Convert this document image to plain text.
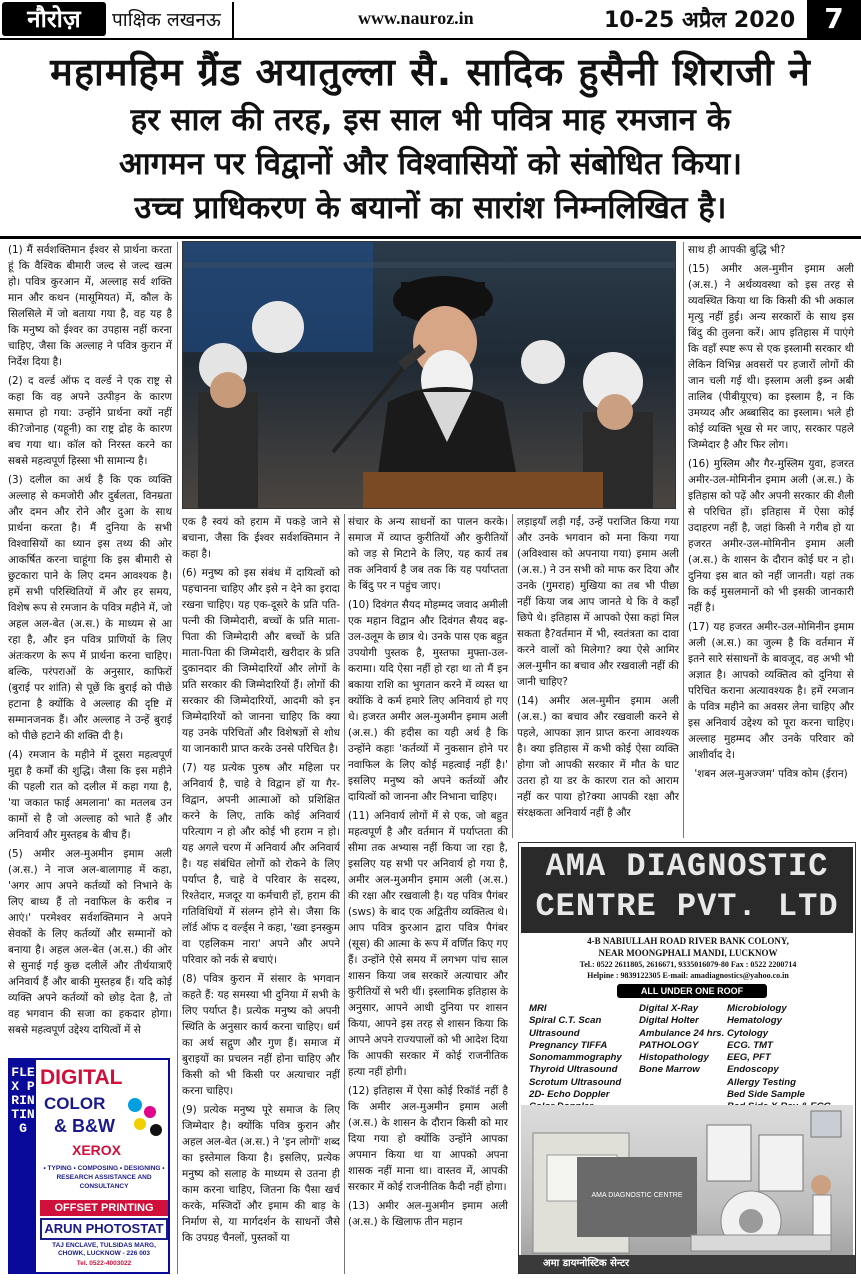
नौरोज़	पाक्षिक लखनऊ	www.nauroz.in	10-25 अप्रैल 2020	7
महामहिम ग्रैंड अयातुल्ला सै. सादिक हुसैनी शिराजी ने
हर साल की तरह, इस साल भी पवित्र माह रमजान के
आगमन पर विद्वानों और विश्वासियों को संबोधित किया।
उच्च प्राधिकरण के बयानों का सारांश निम्नलिखित है।

(1) मैं सर्वशक्तिमान ईश्वर से प्रार्थना करता हूं कि वैश्विक बीमारी जल्द से जल्द खत्म हो। पवित्र कुरआन में, अल्लाह सर्व शक्ति मान और कथन (मासूमियत) में, कौल के सिलसिले में जो बताया गया है, वह यह है कि मनुष्य को ईश्वर का उपहास नहीं करना चाहिए, जैसा कि अल्लाह ने पवित्र कुरान में निर्देश दिया है।

(2) द वर्ल्ड ऑफ द वर्ल्ड ने एक राष्ट्र से कहा कि वह अपने उत्पीड़न के कारण समाप्त हो गया: उन्होंने प्रार्थना क्यों नहीं की?जोनाह (यहूनी) का राष्ट्र द्रोह के कारण बच गया था। कॉल को निरस्त करने का सबसे महत्वपूर्ण हिस्सा भी सामान्य है।

(3) दलील का अर्थ है कि एक व्यक्ति अल्लाह से कमजोरी और दुर्बलता, विनम्रता और दमन और रोने और दुआ के साथ प्रार्थना करता है। मैं दुनिया के सभी विश्वासियों का ध्यान इस तथ्य की ओर आकर्षित करना चाहूंगा कि इस बीमारी से छुटकारा पाने के लिए दमन आवश्यक है। हमें सभी परिस्थितियों में और हर समय, विशेष रूप से रमजान के पवित्र महीने में, जो अहल अल-बेत (अ.स.) के माध्यम से आ रहा है, और इन पवित्र प्राणियों के लिए अंतःकरण के रूप में प्रार्थना करना चाहिए। बल्कि, परंपराओं के अनुसार, काफिरों (बुराई पर शांति) से पूछें कि बुराई को पीछे हटाना है क्योंकि वे अल्लाह की दृष्टि में सम्मानजनक हैं। और अल्लाह ने उन्हें बुराई को पीछे हटाने की शक्ति दी है।

(4) रमजान के महीने में दूसरा महत्वपूर्ण मुद्दा है कर्मों की शुद्धि। जैसा कि इस महीने की पहली रात को दलील में कहा गया है, 'या जकात फाई अमलाना' का मतलब उन कामों से है जो अल्लाह को भाते हैं और अनिवार्य और मुस्तहब के बीच हैं।

(5) अमीर अल-मुअमीन इमाम अली (अ.स.) ने नाज अल-बालागाह में कहा, 'अगर आप अपने कर्तव्यों को निभाने के लिए बाध्य हैं तो नवाफिल के करीब न आएं।' परमेश्वर सर्वशक्तिमान ने अपने सेवकों के लिए कर्तव्यों और सम्मानों को बनाया है। अहल अल-बेत (अ.स.) की ओर से सुनाई गई कुछ दलीलें और तीर्थयात्राएँ अनिवार्य हैं और बाकी मुस्तहब हैं। यदि कोई व्यक्ति अपने कर्तव्यों को छोड़ देता है, तो वह भगवान की सजा का हकदार होगा। सबसे महत्वपूर्ण उद्देश्य दायित्वों में से

एक है स्वयं को हराम में पकड़े जाने से बचाना, जैसा कि ईश्वर सर्वशक्तिमान ने कहा है।

(6) मनुष्य को इस संबंध में दायित्वों को पहचानना चाहिए और इसे न देने का इरादा रखना चाहिए। यह एक-दूसरे के प्रति पति-पत्नी की जिम्मेदारी, बच्चों के प्रति माता-पिता की जिम्मेदारी और बच्चों के प्रति माता-पिता की जिम्मेदारी, खरीदार के प्रति दुकानदार की जिम्मेदारियों और लोगों के प्रति सरकार की जिम्मेदारियों हैं। लोगों की सरकार की जिम्मेदारियों, आदमी को इन जिम्मेदारियों को जानना चाहिए कि क्या यह उनके परिचितों और विशेषज्ञों से शोध या जानकारी प्राप्त करके उनसे परिचित है।

(7) यह प्रत्येक पुरुष और महिला पर अनिवार्य है, चाहे वे विद्वान हों या गैर-विद्वान, अपनी आत्माओं को प्रशिक्षित करने के लिए, ताकि कोई अनिवार्य परित्याग न हो और कोई भी हराम न हो। यह अगले चरण में अनिवार्य और अनिवार्य है। यह संबंधित लोगों को रोकने के लिए पर्याप्त है, चाहे वे परिवार के सदस्य, रिश्तेदार, मजदूर या कर्मचारी हों, हराम की गतिविधियों में संलग्न होने से। जैसा कि लॉर्ड ऑफ द वर्ल्ड्स ने कहा, 'ख्वा इनस्कुम वा एहलिकम नारा' अपने और अपने परिवार को नर्क से बचाएं।

(8) पवित्र कुरान में संसार के भगवान कहते हैं: यह समस्या भी दुनिया में सभी के लिए पर्याप्त है। प्रत्येक मनुष्य को अपनी स्थिति के अनुसार कार्य करना चाहिए। धर्म का अर्थ सद्गुण और गुण हैं। समाज में बुराइयों का प्रचलन नहीं होना चाहिए और किसी को भी किसी पर अत्याचार नहीं करना चाहिए।

(9) प्रत्येक मनुष्य पूरे समाज के लिए जिम्मेदार है। क्योंकि पवित्र कुरान और अहल अल-बेत (अ.स.) ने 'इन लोगों' शब्द का इस्तेमाल किया है। इसलिए, प्रत्येक मनुष्य को सलाह के माध्यम से उतना ही काम करना चाहिए, जितना कि पैसा खर्च करके, मस्जिदों और इमाम की बाड़ के निर्माण से, या मार्गदर्शन के साधनों जैसे कि उपग्रह चैनलों, पुस्तकों या

संचार के अन्य साधनों का पालन करके। समाज में व्याप्त कुरीतियों और कुरीतियों को जड़ से मिटाने के लिए, यह कार्य तब तक अनिवार्य है जब तक कि यह पर्याप्तता के बिंदु पर न पहुंच जाए।

(10) दिवंगत सैयद मोहम्मद जवाद अमीली एक महान विद्वान और दिवंगत सैयद बह्र-उल-उलूम के छात्र थे। उनके पास एक बहुत उपयोगी पुस्तक है, मुस्तफा मुफ्ता-उल-करामा। यदि ऐसा नहीं हो रहा था तो मैं इन बकाया राशि का भुगतान करने में व्यस्त था क्योंकि वे कर्म हमारे लिए अनिवार्य हो गए थे। हजरत अमीर अल-मुअमीन इमाम अली (अ.स.) की हदीस का यही अर्थ है कि उन्होंने कहाः 'कर्तव्यों में नुकसान होने पर नवाफिल के लिए कोई महत्वाई नहीं है।' इसलिए मनुष्य को अपने कर्तव्यों और दायित्वों को जानना और निभाना चाहिए।

(11) अनिवार्य लोगों में से एक, जो बहुत महत्वपूर्ण है और वर्तमान में पर्याप्तता की सीमा तक अभ्यास नहीं किया जा रहा है, इसलिए यह सभी पर अनिवार्य हो गया है, अमीर अल-मुअमीन इमाम अली (अ.स.) की रक्षा और रखवाली है। यह पवित्र पैगंबर (sws) के बाद एक अद्वितीय व्यक्तित्व थे। आप पवित्र कुरआन द्वारा पवित्र पैगंबर (सूस) की आत्मा के रूप में वर्णित किए गए हैं। उन्होंने ऐसे समय में लगभग पांच साल शासन किया जब सरकारें अत्याचार और कुरीतियों से भरी थीं। इस्लामिक इतिहास के अनुसार, आपने आधी दुनिया पर शासन किया, आपने इस तरह से शासन किया कि आपने अपने राज्यपालों को भी आदेश दिया कि आपकी सरकार में कोई राजनीतिक हत्या नहीं होगी।

(12) इतिहास में ऐसा कोई रिकॉर्ड नहीं है कि अमीर अल-मुअमीन इमाम अली (अ.स.) के शासन के दौरान किसी को मार दिया गया हो क्योंकि उन्होंने आपका अपमान किया था या आपको अपना शासक नहीं माना था। वास्तव में, आपकी सरकार में कोई राजनीतिक कैदी नहीं होगा।

(13) अमीर अल-मुअमीन इमाम अली (अ.स.) के खिलाफ तीन महान

लड़ाइयाँ लड़ी गईं, उन्हें पराजित किया गया और उनके भगवान को मना किया गया (अविश्वास को अपनाया गया) इमाम अली (अ.स.) ने उन सभी को माफ कर दिया और उनके (गुमराह) मुखिया का तब भी पीछा नहीं किया जब आप जानते थे कि वे कहाँ छिपे थे। इतिहास में आपको ऐसा कहां मिल सकता है?वर्तमान में भी, स्वतंत्रता का दावा करने वालों को मिलेगा? क्या ऐसे आमिर अल-मुमीन का बचाव और रखवाली नहीं की जानी चाहिए?

(14) अमीर अल-मुमीन इमाम अली (अ.स.) का बचाव और रखवाली करने से पहले, आपका ज्ञान प्राप्त करना आवश्यक है। क्या इतिहास में कभी कोई ऐसा व्यक्ति होगा जो आपकी सरकार में मौत के घाट उतरा हो या डर के कारण रात को आराम नहीं कर पाया हो?क्या आपकी रक्षा और संरक्षकता अनिवार्य नहीं है और

साथ ही आपकी बुद्धि भी?

(15) अमीर अल-मुमीन इमाम अली (अ.स.) ने अर्थव्यवस्था को इस तरह से व्यवस्थित किया था कि किसी की भी अकाल मृत्यु नहीं हुई। अन्य सरकारों के साथ इस बिंदु की तुलना करें। आप इतिहास में पाएंगे कि वहाँ स्पष्ट रूप से एक इस्लामी सरकार थी लेकिन विभिन्न अवसरों पर हजारों लोगों की जान चली गई थी। इस्लाम अली इब्न अबी तालिब (पीबीयूएच) का इस्लाम है, न कि उमय्यद और अब्बासिद का इस्लाम। भले ही कोई व्यक्ति भूख से मर जाए, सरकार पहले जिम्मेदार है और फिर लोग।

(16) मुस्लिम और गैर-मुस्लिम युवा, हजरत अमीर-उल-मोमिनीन इमाम अली (अ.स.) के इतिहास को पढ़ें और अपनी सरकार की शैली से परिचित हों। इतिहास में ऐसा कोई उदाहरण नहीं है, जहां किसी ने गरीब हो या हजरत अमीर-उल-मोमिनीन इमाम अली (अ.स.) के शासन के दौरान कोई घर न हो। दुनिया इस बात को नहीं जानती। यहां तक कि कई मुसलमानों को भी इसकी जानकारी नहीं है।

(17) यह हजरत अमीर-उल-मोमिनीन इमाम अली (अ.स.) का जुल्म है कि वर्तमान में इतने सारे संसाधनों के बावजूद, वह अभी भी अज्ञात है। आपको व्यक्तित्व को दुनिया से परिचित कराना अत्यावश्यक है। हमें रमजान के पवित्र महीने का अवसर लेना चाहिए और इस अनिवार्य उद्देश्य को पूरा करना चाहिए। अल्लाह मुहम्मद और उनके परिवार को आशीर्वाद दे।

'शबन अल-मुअज्जम' पवित्र कोम (ईरान)

FLEX PRINTING
DIGITAL
COLOR
& B&W
XEROX
• TYPING • COMPOSING • DESIGNING • RESEARCH ASSISTANCE AND CONSULTANCY
OFFSET PRINTING
ARUN PHOTOSTAT
TAJ ENCLAVE, TULSIDAS MARG, CHOWK, LUCKNOW - 226 003
Tel. 0522-4003022
AMA DIAGNOSTIC
CENTRE PVT. LTD
4-B NABIULLAH ROAD RIVER BANK COLONY,
NEAR MOONGPHALI MANDI, LUCKNOW
Tel.: 0522 2611805, 2616671, 9335016079-80 Fax : 0522 2200714
Helpine : 9839122305 E-mail: amadiagnostics@yahoo.co.in
ALL UNDER ONE ROOF
MRI
Spiral C.T. Scan
Ultrasound
Pregnancy TIFFA
Sonomammography
Thyroid Ultrasound
Scrotum Ultrasound
2D- Echo Doppler
Digital X-Ray
Digital Holter
Ambulance 24 hrs.
PATHOLOGY
Histopathology
Bone Marrow
Microbiology
Hematology
Cytology
ECG. TMT
EEG, PFT
Endoscopy
Allergy Testing
Bed Side Sample
AMA DIAGNOSTIC CENTRE
अमा डायग्नोस्टिक सेन्टर
